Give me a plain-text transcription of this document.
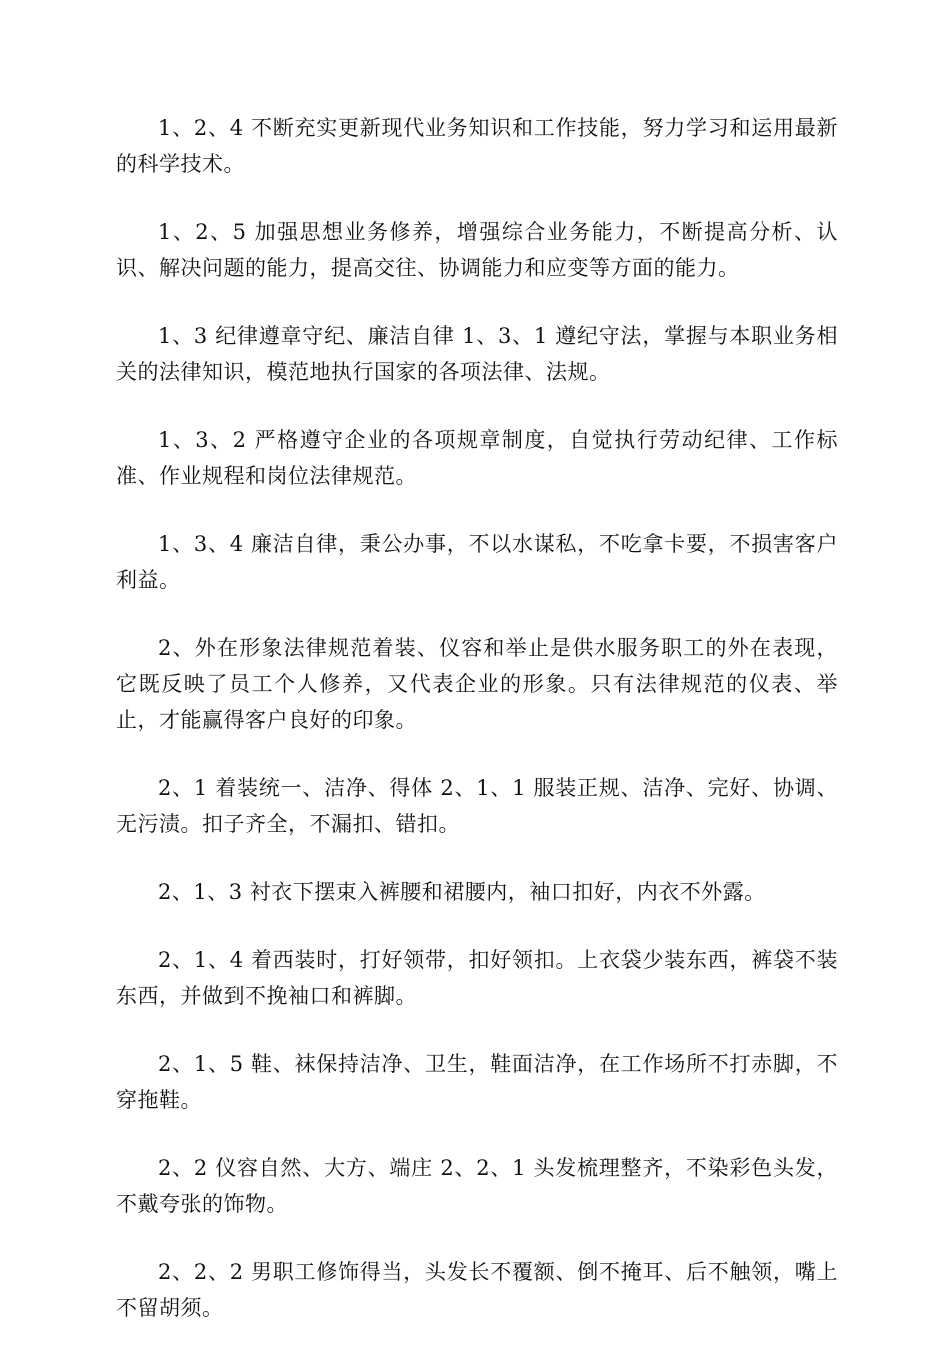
1、2、4 不断充实更新现代业务知识和工作技能，努力学习和运用最新的科学技术。

1、2、5 加强思想业务修养，增强综合业务能力，不断提高分析、认识、解决问题的能力，提高交往、协调能力和应变等方面的能力。

1、3 纪律遵章守纪、廉洁自律 1、3、1 遵纪守法，掌握与本职业务相关的法律知识，模范地执行国家的各项法律、法规。

1、3、2 严格遵守企业的各项规章制度，自觉执行劳动纪律、工作标准、作业规程和岗位法律规范。

1、3、4 廉洁自律，秉公办事，不以水谋私，不吃拿卡要，不损害客户利益。

2、外在形象法律规范着装、仪容和举止是供水服务职工的外在表现，它既反映了员工个人修养，又代表企业的形象。只有法律规范的仪表、举止，才能赢得客户良好的印象。

2、1 着装统一、洁净、得体 2、1、1 服装正规、洁净、完好、协调、无污渍。扣子齐全，不漏扣、错扣。

2、1、3 衬衣下摆束入裤腰和裙腰内，袖口扣好，内衣不外露。

2、1、4 着西装时，打好领带，扣好领扣。上衣袋少装东西，裤袋不装东西，并做到不挽袖口和裤脚。

2、1、5 鞋、袜保持洁净、卫生，鞋面洁净，在工作场所不打赤脚，不穿拖鞋。

2、2 仪容自然、大方、端庄 2、2、1 头发梳理整齐，不染彩色头发，不戴夸张的饰物。

2、2、2 男职工修饰得当，头发长不覆额、倒不掩耳、后不触领，嘴上不留胡须。
